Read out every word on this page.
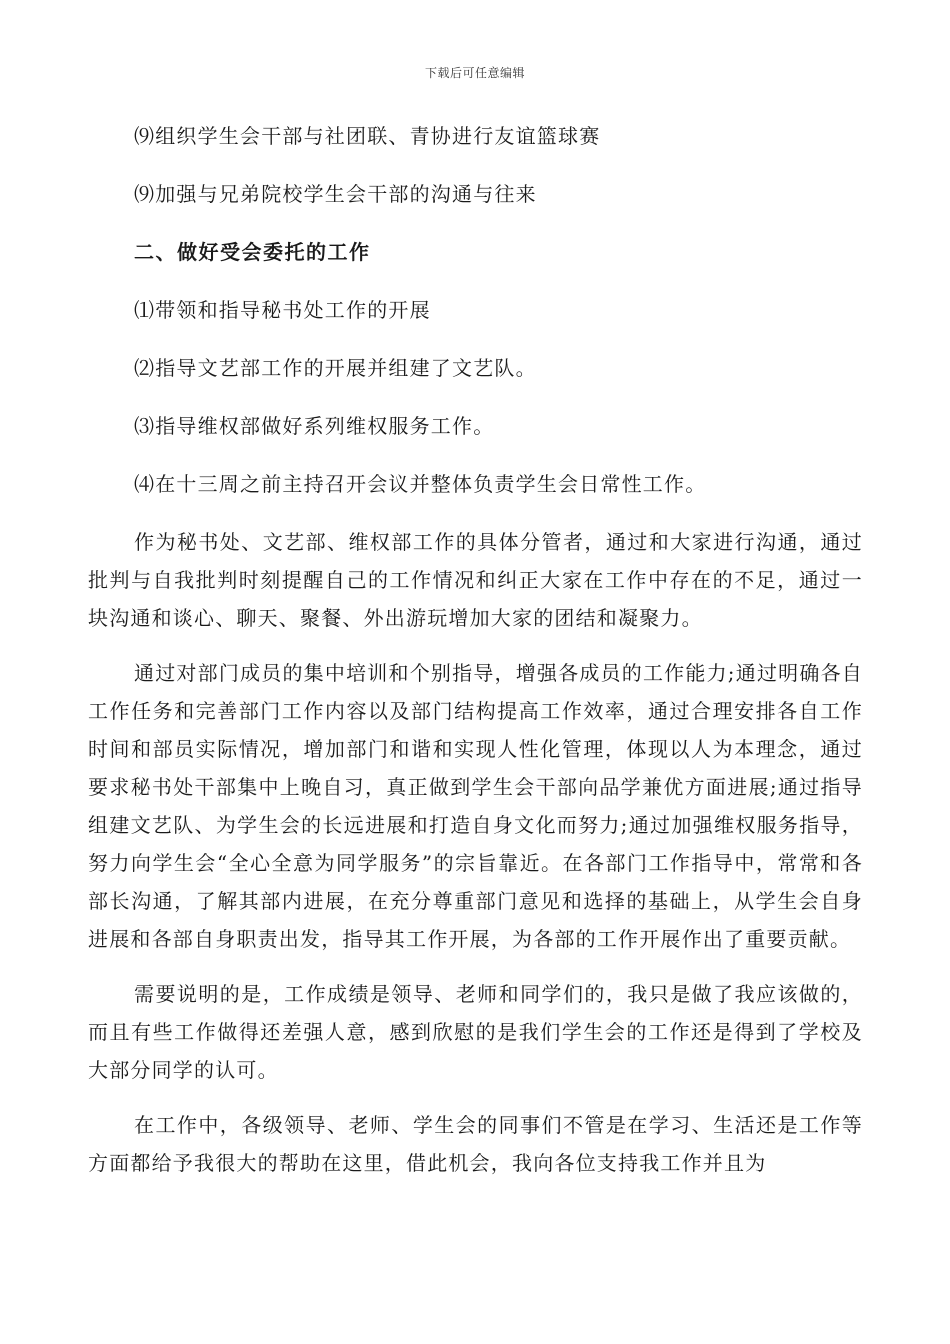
下载后可任意编辑
⑼组织学生会干部与社团联、青协进行友谊篮球赛
⑼加强与兄弟院校学生会干部的沟通与往来
二、做好受会委托的工作
⑴带领和指导秘书处工作的开展
⑵指导文艺部工作的开展并组建了文艺队。
⑶指导维权部做好系列维权服务工作。
⑷在十三周之前主持召开会议并整体负责学生会日常性工作。

作为秘书处、文艺部、维权部工作的具体分管者，通过和大家进行沟通，通过批判与自我批判时刻提醒自己的工作情况和纠正大家在工作中存在的不足，通过一块沟通和谈心、聊天、聚餐、外出游玩增加大家的团结和凝聚力。

通过对部门成员的集中培训和个别指导，增强各成员的工作能力;通过明确各自工作任务和完善部门工作内容以及部门结构提高工作效率，通过合理安排各自工作时间和部员实际情况，增加部门和谐和实现人性化管理，体现以人为本理念，通过要求秘书处干部集中上晚自习，真正做到学生会干部向品学兼优方面进展;通过指导组建文艺队、为学生会的长远进展和打造自身文化而努力;通过加强维权服务指导，努力向学生会“全心全意为同学服务”的宗旨靠近。在各部门工作指导中，常常和各部长沟通，了解其部内进展，在充分尊重部门意见和选择的基础上，从学生会自身进展和各部自身职责出发，指导其工作开展，为各部的工作开展作出了重要贡献。

需要说明的是，工作成绩是领导、老师和同学们的，我只是做了我应该做的，而且有些工作做得还差强人意，感到欣慰的是我们学生会的工作还是得到了学校及大部分同学的认可。

在工作中，各级领导、老师、学生会的同事们不管是在学习、生活还是工作等方面都给予我很大的帮助在这里，借此机会，我向各位支持我工作并且为
